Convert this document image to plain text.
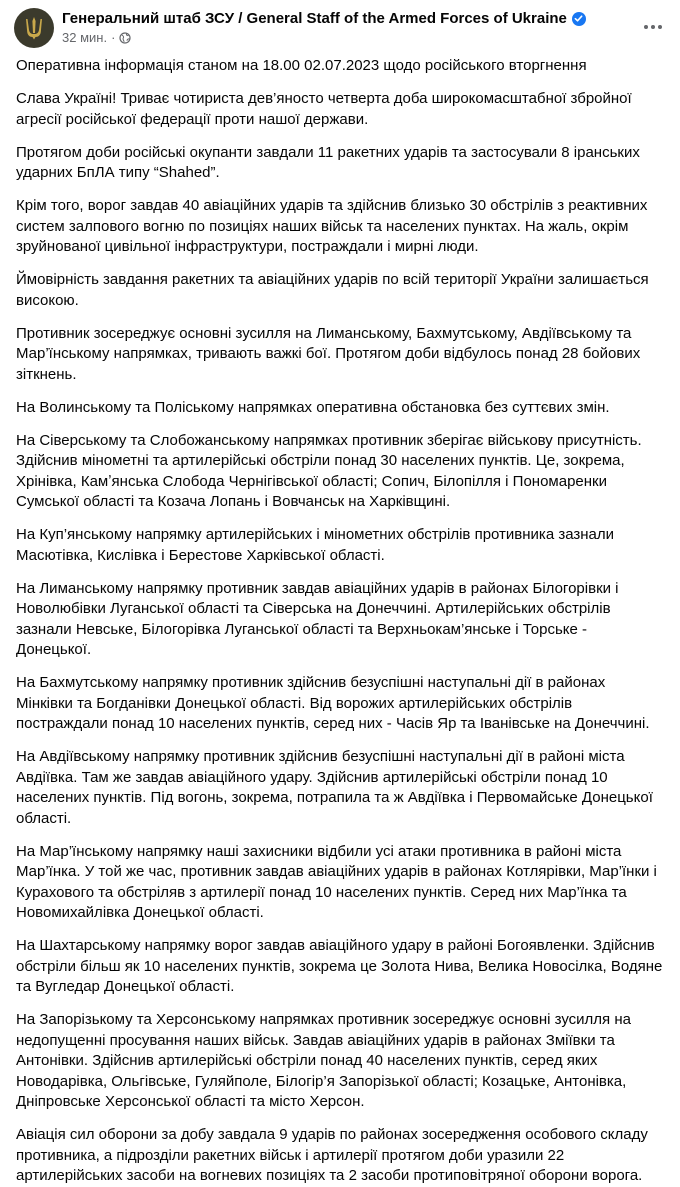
Генеральний штаб ЗСУ / General Staff of the Armed Forces of Ukraine
32 мин. ·

Оперативна інформація станом на 18.00 02.07.2023 щодо російського вторгнення

Слава Україні! Триває чотириста дев’яносто четверта доба широкомасштабної збройної агресії російської федерації проти нашої держави.

Протягом доби російські окупанти завдали 11 ракетних ударів та застосували 8 іранських ударних БпЛА типу “Shahed”.

Крім того, ворог завдав 40 авіаційних ударів та здійснив близько 30 обстрілів з реактивних систем залпового вогню по позиціях наших військ та населених пунктах. На жаль, окрім зруйнованої цивільної інфраструктури, постраждали і мирні люди.

Ймовірність завдання ракетних та авіаційних ударів по всій території України залишається високою.

Противник зосереджує основні зусилля на Лиманському, Бахмутському, Авдіївському та Мар’їнському напрямках, тривають важкі бої. Протягом доби відбулось понад 28 бойових зіткнень.

На Волинському та Поліському напрямках оперативна обстановка без суттєвих змін.

На Сіверському та Слобожанському напрямках противник зберігає військову присутність. Здійснив мінометні та артилерійські обстріли понад 30 населених пунктів. Це, зокрема, Хрінівка, Камʼянська Слобода Чернігівської області; Сопич, Білопілля і Пономаренки Сумської області та Козача Лопань і Вовчанськ на Харківщині.

На Куп’янському напрямку артилерійських і мінометних обстрілів противника зазнали Масютівка, Кислівка і Берестове Харківської області.

На Лиманському напрямку противник завдав авіаційних ударів в районах Білогорівки і Новолюбівки Луганської області та Сіверська на Донеччині. Артилерійських обстрілів зазнали Невське, Білогорівка Луганської області та Верхньокам’янське і Торське - Донецької.

На Бахмутському напрямку противник здійснив безуспішні наступальні дії в районах Мінківки та Богданівки Донецької області. Від ворожих артилерійських обстрілів постраждали понад 10 населених пунктів, серед них - Часів Яр та Іванівське на Донеччині.

На Авдіївському напрямку противник здійснив безуспішні наступальні дії в районі міста Авдіївка. Там же завдав авіаційного удару. Здійснив артилерійські обстріли понад 10 населених пунктів. Під вогонь, зокрема, потрапила та ж Авдіївка і Первомайське Донецької області.

На Мар’їнському напрямку наші захисники відбили усі атаки противника в районі міста Мар’їнка. У той же час, противник завдав авіаційних ударів в районах Котлярівки, Мар’їнки і Курахового та обстріляв з артилерії понад 10 населених пунктів. Серед них Мар’їнка та Новомихайлівка Донецької області.

На Шахтарському напрямку ворог завдав авіаційного удару в районі Богоявленки. Здійснив обстріли більш як 10 населених пунктів, зокрема це Золота Нива, Велика Новосілка, Водяне та Вугледар Донецької області.

На Запорізькому та Херсонському напрямках противник зосереджує основні зусилля на недопущенні просування наших військ. Завдав авіаційних ударів в районах Зміївки та Антонівки. Здійснив артилерійські обстріли понад 40 населених пунктів, серед яких Новодарівка, Ольгівське, Гуляйполе, Білогір’я Запорізької області; Козацьке, Антонівка, Дніпровське Херсонської області та місто Херсон.

Авіація сил оборони за добу завдала 9 ударів по районах зосередження особового складу противника, а підрозділи ракетних військ і артилерії протягом доби уразили 22 артилерійських засоби на вогневих позиціях та 2 засоби протиповітряної оборони ворога.
